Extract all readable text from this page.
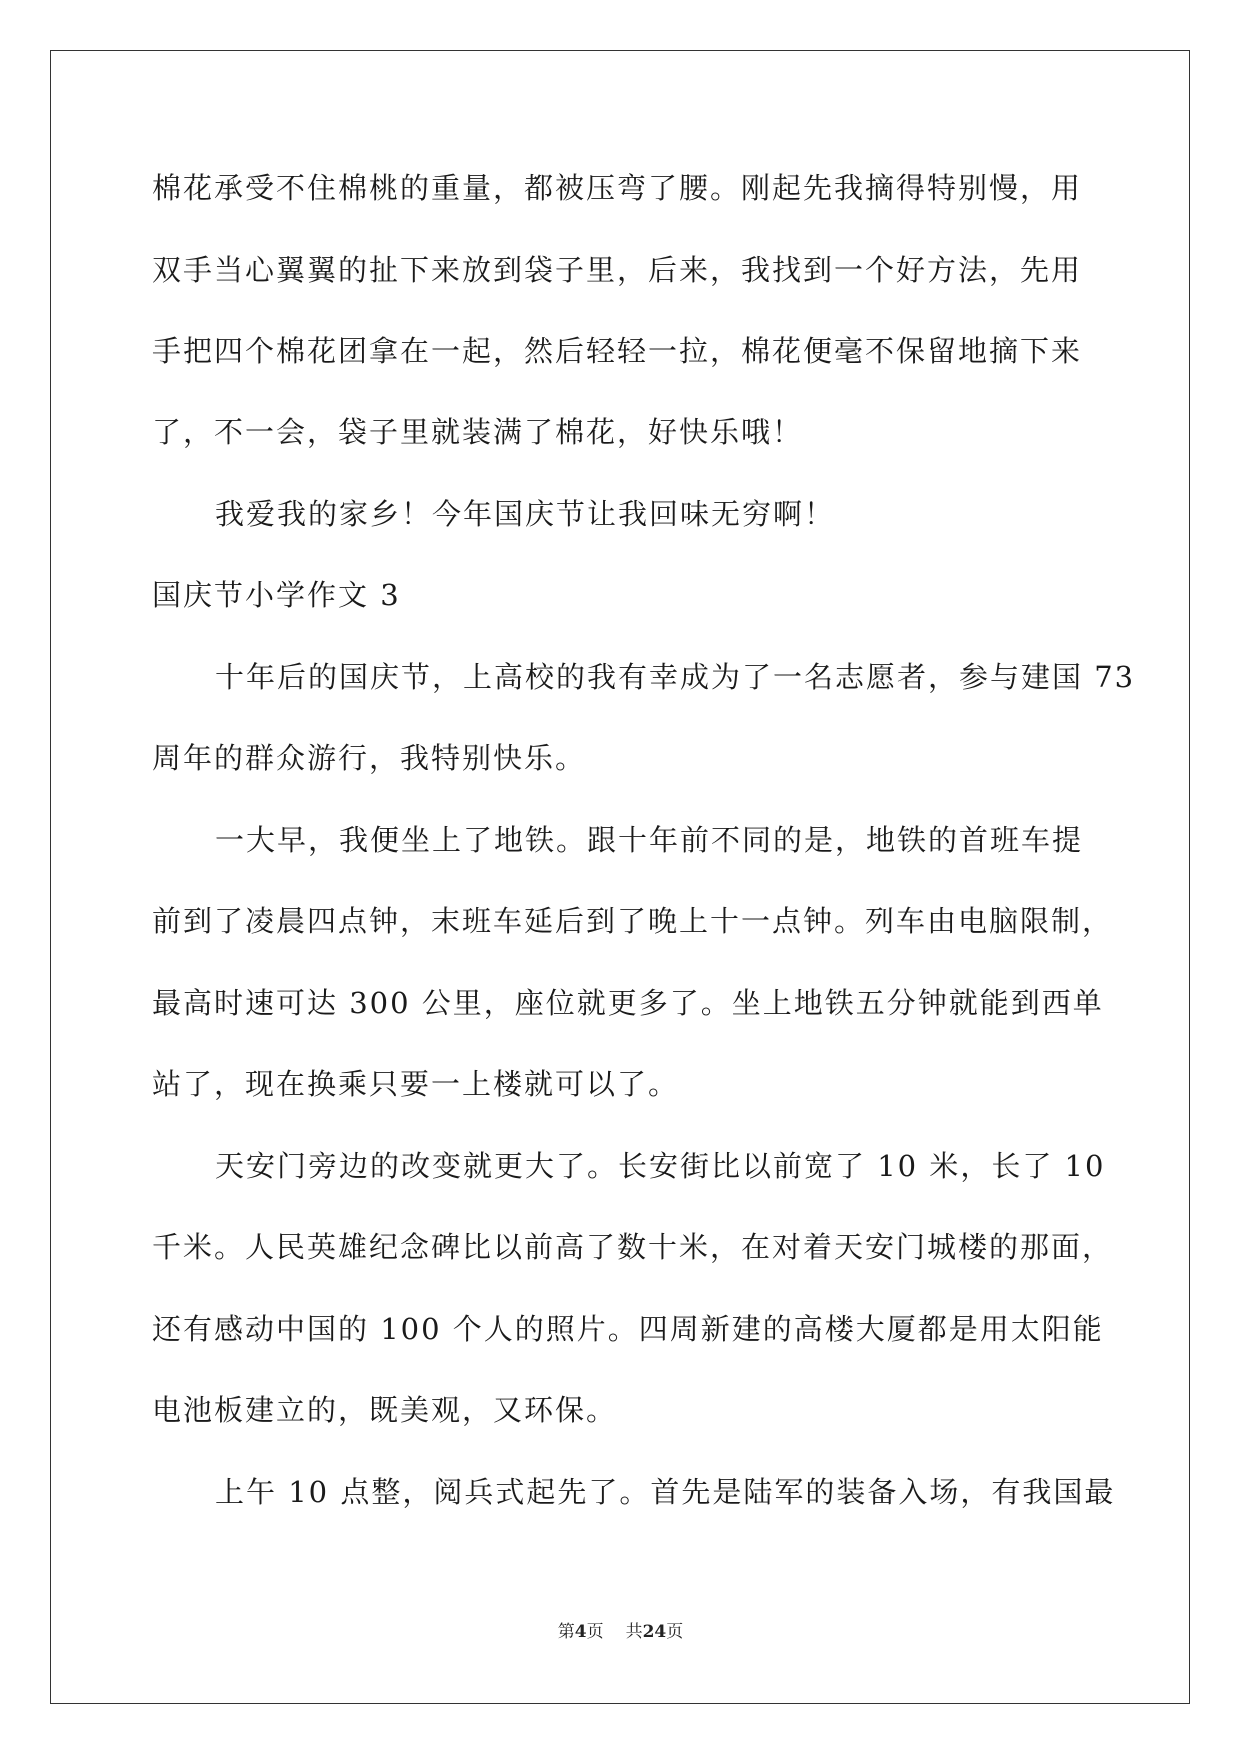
棉花承受不住棉桃的重量，都被压弯了腰。刚起先我摘得特别慢，用
双手当心翼翼的扯下来放到袋子里，后来，我找到一个好方法，先用
手把四个棉花团拿在一起，然后轻轻一拉，棉花便毫不保留地摘下来
了，不一会，袋子里就装满了棉花，好快乐哦！
我爱我的家乡！今年国庆节让我回味无穷啊！
国庆节小学作文 3
十年后的国庆节，上高校的我有幸成为了一名志愿者，参与建国 73
周年的群众游行，我特别快乐。
一大早，我便坐上了地铁。跟十年前不同的是，地铁的首班车提
前到了凌晨四点钟，末班车延后到了晚上十一点钟。列车由电脑限制，
最高时速可达 300 公里，座位就更多了。坐上地铁五分钟就能到西单
站了，现在换乘只要一上楼就可以了。
天安门旁边的改变就更大了。长安街比以前宽了 10 米，长了 10
千米。人民英雄纪念碑比以前高了数十米，在对着天安门城楼的那面，
还有感动中国的 100 个人的照片。四周新建的高楼大厦都是用太阳能
电池板建立的，既美观，又环保。
上午 10 点整，阅兵式起先了。首先是陆军的装备入场，有我国最
第4页 共24页
